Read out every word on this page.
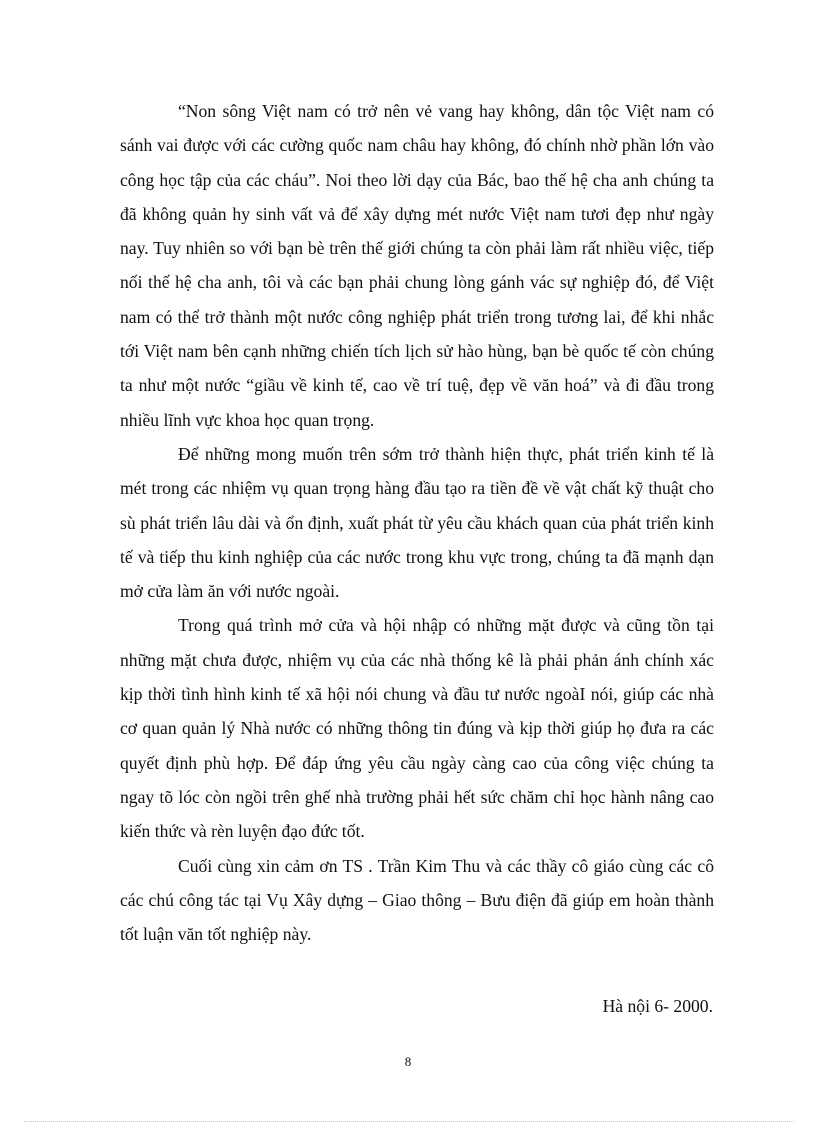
“Non sông Việt nam có trở nên vẻ vang hay không, dân tộc Việt nam có sánh vai được với các cường quốc nam châu hay không, đó chính nhờ phần lớn vào công học tập của các cháu”. Noi theo lời dạy của Bác, bao thế hệ cha anh chúng ta đã không quản hy sinh vất vả để xây dựng mét nước Việt nam tươi đẹp như ngày nay. Tuy nhiên so với bạn bè trên thế giới chúng ta còn phải làm rất nhiều việc, tiếp nối thế hệ cha anh, tôi và các bạn phải chung lòng gánh vác sự nghiệp đó, để Việt nam có thể trở thành một nước công nghiệp phát triển trong tương lai, để khi nhắc tới Việt nam bên cạnh những chiến tích lịch sử hào hùng, bạn bè quốc tế còn chúng ta như một nước “giầu về kinh tế, cao về trí tuệ, đẹp về văn hoá” và đi đầu trong nhiều lĩnh vực khoa học quan trọng.

Để những mong muốn trên sớm trở thành hiện thực, phát triển kinh tế là mét trong các nhiệm vụ quan trọng hàng đầu tạo ra tiền đề về vật chất kỹ thuật cho sù phát triển lâu dài và ổn định, xuất phát từ yêu cầu khách quan của phát triển kinh tế và tiếp thu kinh nghiệp của các nước trong khu vực trong, chúng ta đã mạnh dạn mở cửa làm ăn với nước ngoài.

Trong quá trình mở cửa và hội nhập có những mặt được và cũng tồn tại những mặt chưa được, nhiệm vụ của các nhà thống kê là phải phản ánh chính xác kịp thời tình hình kinh tế xã hội nói chung và đầu tư nước ngoàI nói, giúp các nhà cơ quan quản lý Nhà nước có những thông tin đúng và kịp thời giúp họ đưa ra các quyết định phù hợp. Để đáp ứng yêu cầu ngày càng cao của công việc chúng ta ngay tõ lóc còn ngồi trên ghế nhà trường phải hết sức chăm chỉ học hành nâng cao kiến thức và rèn luyện đạo đức tốt.

Cuối cùng xin cảm ơn TS . Trần Kim Thu và các thầy cô giáo cùng các cô các chú công tác tại Vụ Xây dựng – Giao thông – Bưu điện đã giúp em hoàn thành tốt luận văn tốt nghiệp này.

Hà nội 6- 2000.
8
